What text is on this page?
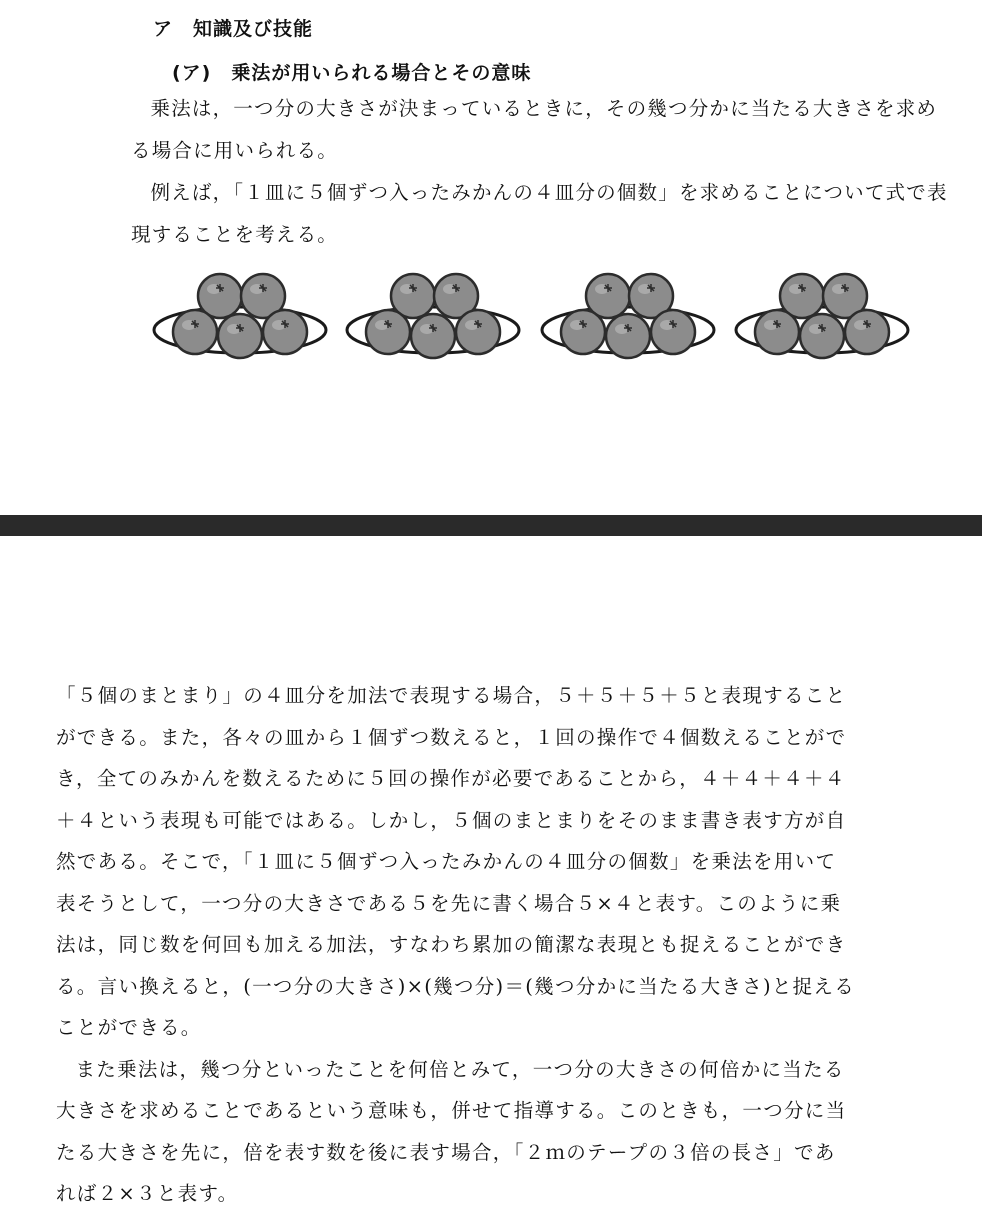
ア　知識及び技能
(ア)　乗法が用いられる場合とその意味
乗法は，一つ分の大きさが決まっているときに，その幾つ分かに当たる大きさを求める場合に用いられる。
例えば，「１皿に５個ずつ入ったみかんの４皿分の個数」を求めることについて式で表現することを考える。

「５個のまとまり」の４皿分を加法で表現する場合，５＋５＋５＋５と表現することができる。また，各々の皿から１個ずつ数えると，１回の操作で４個数えることができ，全てのみかんを数えるために５回の操作が必要であることから，４＋４＋４＋４＋４という表現も可能ではある。しかし，５個のまとまりをそのまま書き表す方が自然である。そこで，「１皿に５個ずつ入ったみかんの４皿分の個数」を乗法を用いて表そうとして，一つ分の大きさである５を先に書く場合５×４と表す。このように乗法は，同じ数を何回も加える加法，すなわち累加の簡潔な表現とも捉えることができる。言い換えると，(一つ分の大きさ)×(幾つ分)＝(幾つ分かに当たる大きさ)と捉えることができる。

また乗法は，幾つ分といったことを何倍とみて，一つ分の大きさの何倍かに当たる大きさを求めることであるという意味も，併せて指導する。このときも，一つ分に当たる大きさを先に，倍を表す数を後に表す場合，「２ｍのテープの３倍の長さ」であれば２×３と表す。
